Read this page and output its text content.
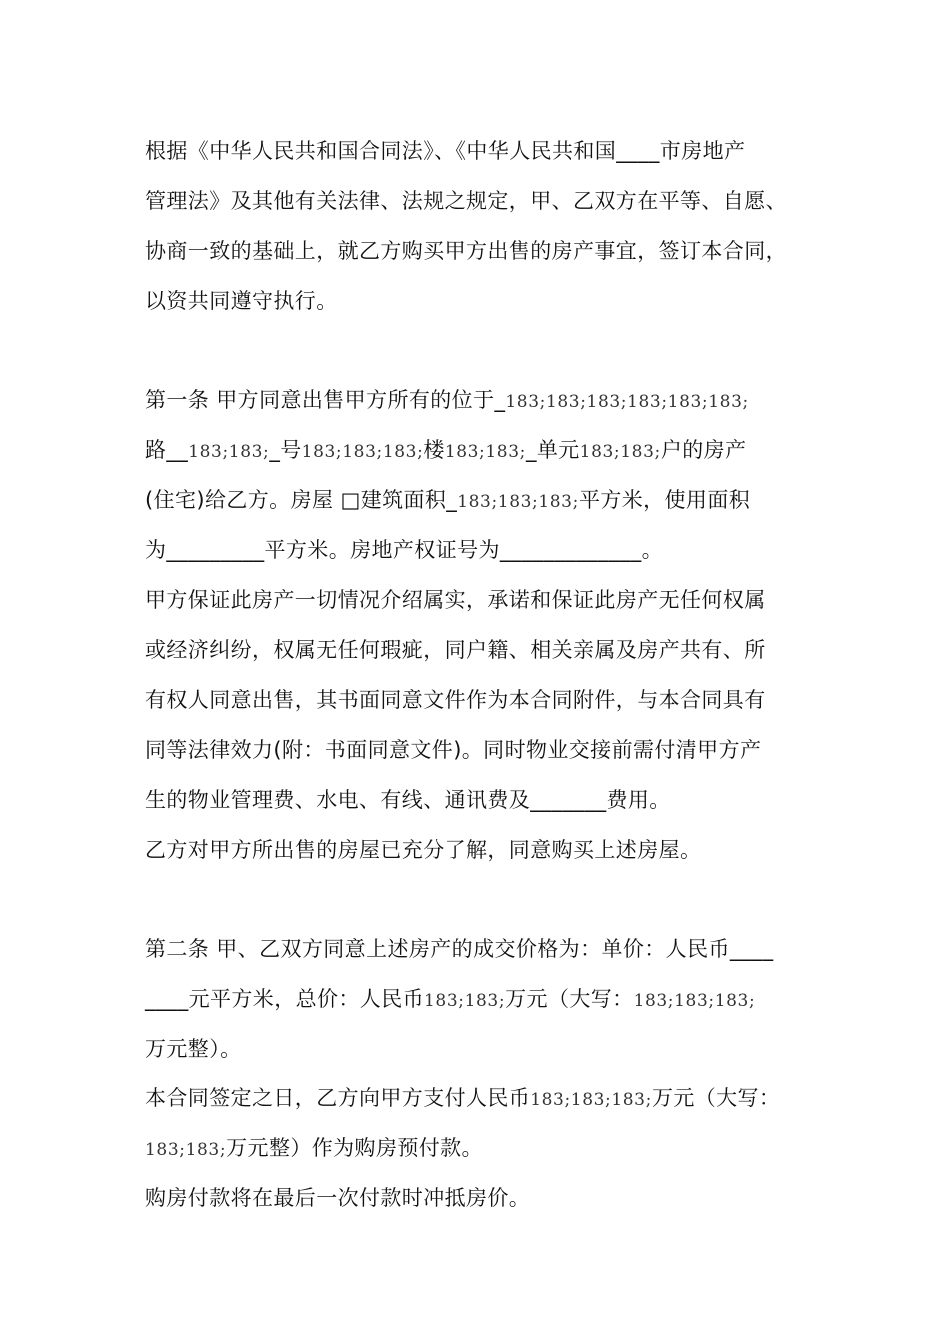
根据《中华人民共和国合同法》、《中华人民共和国____市房地产
管理法》及其他有关法律、法规之规定，甲、乙双方在平等、自愿、
协商一致的基础上，就乙方购买甲方出售的房产事宜，签订本合同，
以资共同遵守执行。
第一条 甲方同意出售甲方所有的位于_183;183;183;183;183;183;
路__183;183;_号183;183;183;楼183;183;_单元183;183;户的房产
(住宅)给乙方。房屋 □建筑面积_183;183;183;平方米，使用面积
为_________平方米。房地产权证号为_____________。
甲方保证此房产一切情况介绍属实，承诺和保证此房产无任何权属
或经济纠纷，权属无任何瑕疵，同户籍、相关亲属及房产共有、所
有权人同意出售，其书面同意文件作为本合同附件，与本合同具有
同等法律效力(附：书面同意文件)。同时物业交接前需付清甲方产
生的物业管理费、水电、有线、通讯费及_______费用。
乙方对甲方所出售的房屋已充分了解，同意购买上述房屋。
第二条 甲、乙双方同意上述房产的成交价格为：单价：人民币____
____元平方米，总价：人民币183;183;万元（大写：183;183;183;
万元整）。
本合同签定之日，乙方向甲方支付人民币183;183;183;万元（大写：
183;183;万元整）作为购房预付款。
购房付款将在最后一次付款时冲抵房价。
